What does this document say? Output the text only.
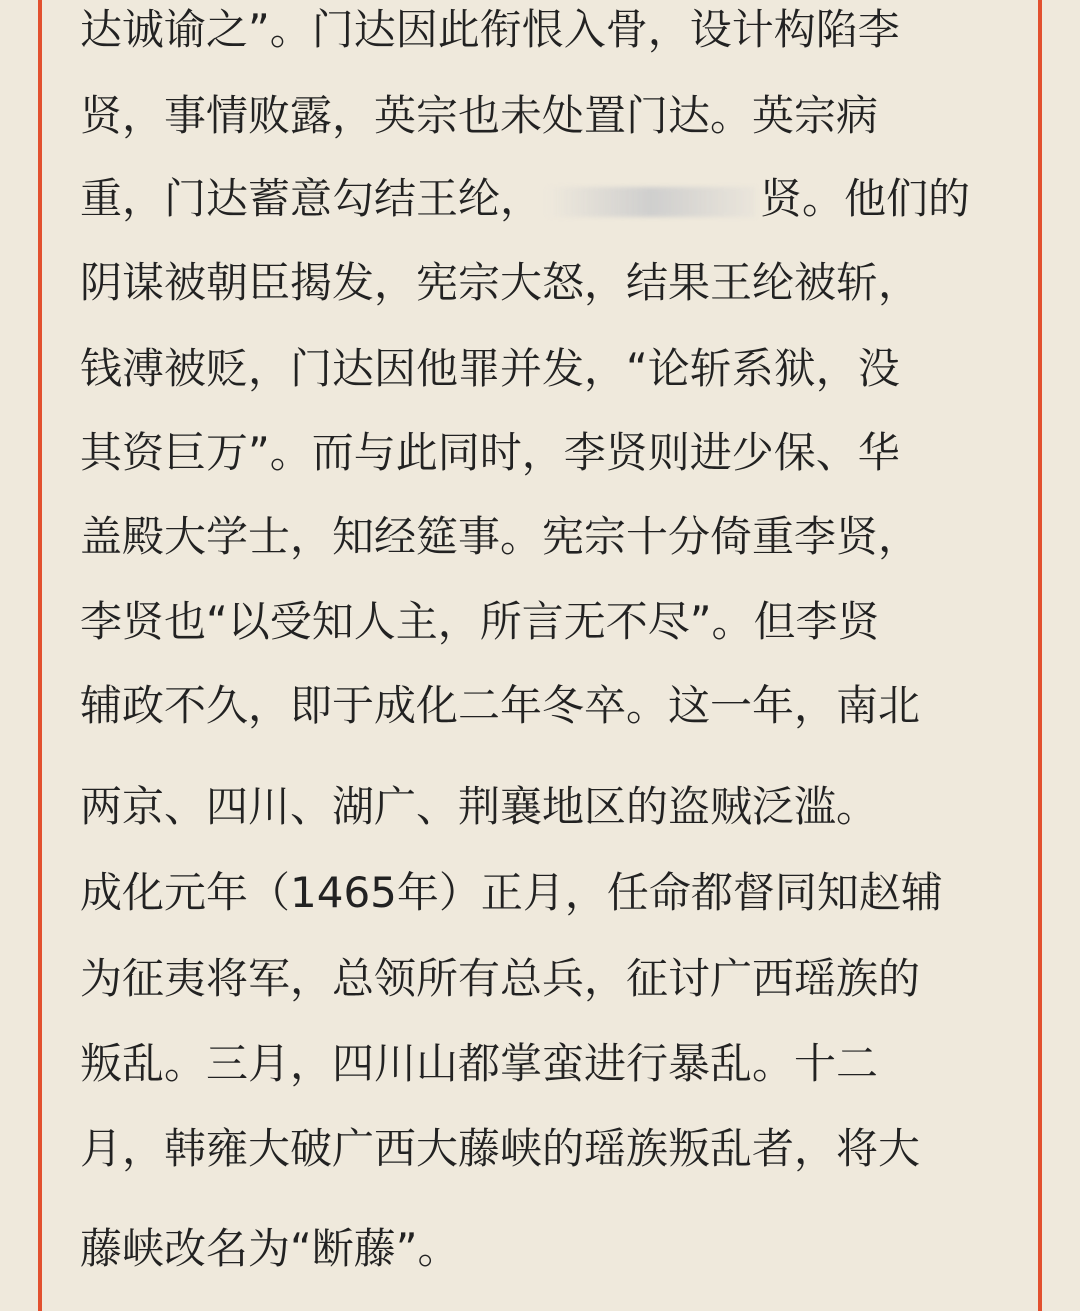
达诚谕之”。门达因此衔恨入骨，设计构陷李
贤，事情败露，英宗也未处置门达。英宗病
重，门达蓄意勾结王纶，	贤。他们的
阴谋被朝臣揭发，宪宗大怒，结果王纶被斩，
钱溥被贬，门达因他罪并发，“论斩系狱，没
其资巨万”。而与此同时，李贤则进少保、华
盖殿大学士，知经筵事。宪宗十分倚重李贤，
李贤也“以受知人主，所言无不尽”。但李贤
辅政不久，即于成化二年冬卒。这一年，南北
两京、四川、湖广、荆襄地区的盗贼泛滥。
成化元年（1465年）正月，任命都督同知赵辅
为征夷将军，总领所有总兵，征讨广西瑶族的
叛乱。三月，四川山都掌蛮进行暴乱。十二
月，韩雍大破广西大藤峡的瑶族叛乱者，将大
藤峡改名为“断藤”。
